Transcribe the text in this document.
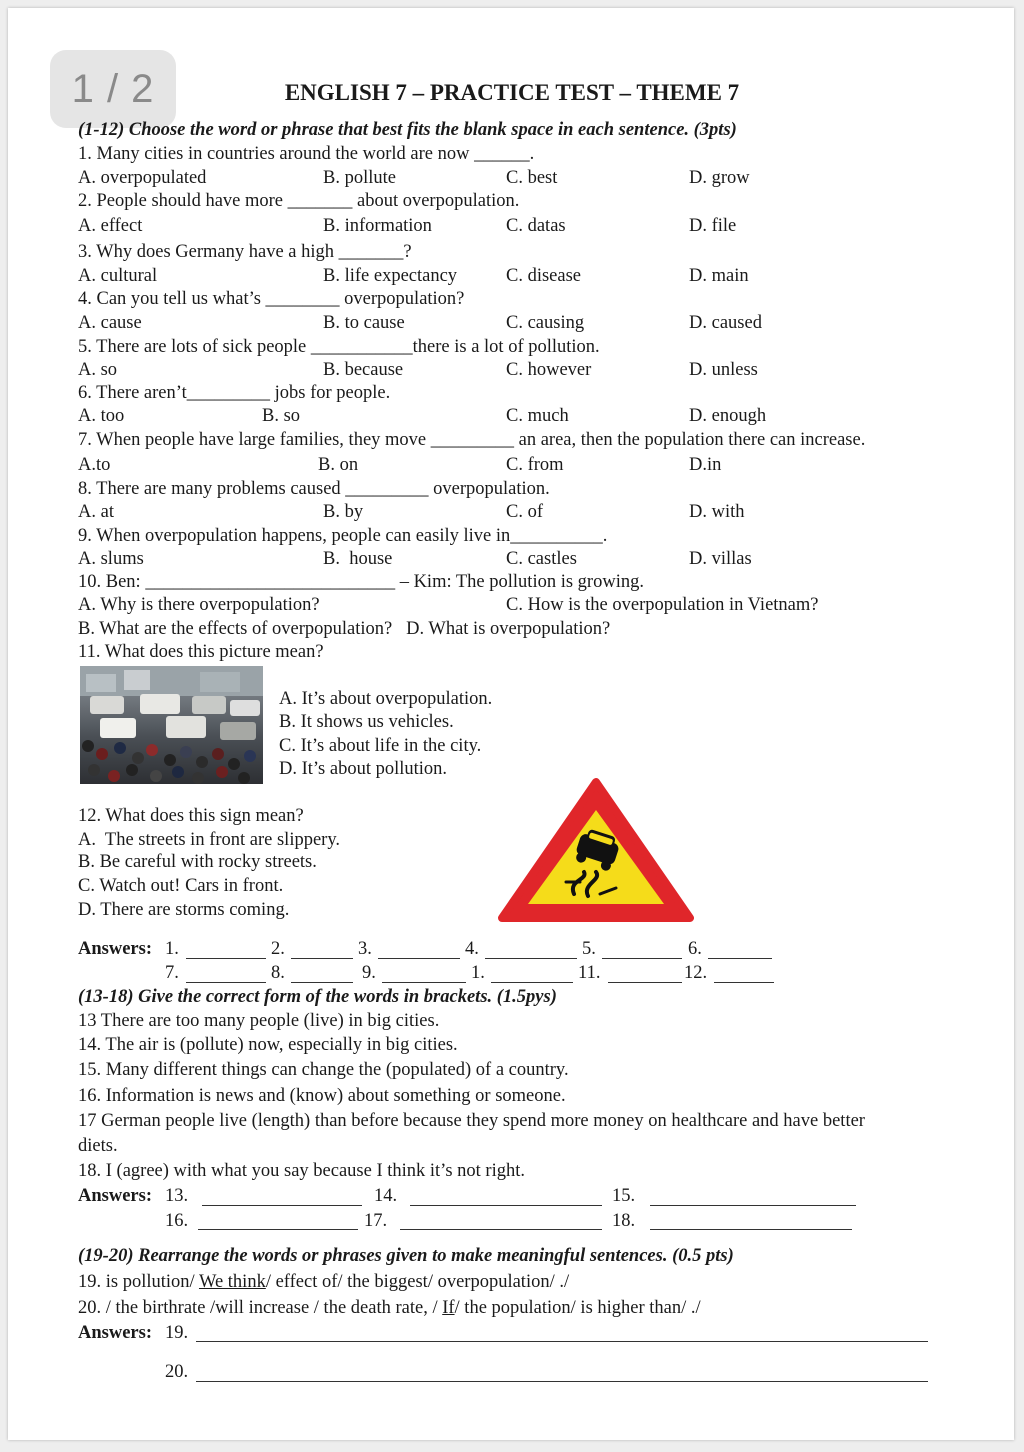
1 / 2	ENGLISH 7 – PRACTICE TEST – THEME 7
(1-12) Choose the word or phrase that best fits the blank space in each sentence. (3pts)
1. Many cities in countries around the world are now ______.
A. overpopulated	B. pollute	C. best	D. grow
2. People should have more _______ about overpopulation.
A. effect	B. information	C. datas	D. file
3. Why does Germany have a high _______?
A. cultural	B. life expectancy	C. disease	D. main
4. Can you tell us what’s ________ overpopulation?
A. cause	B. to cause	C. causing	D. caused
5. There are lots of sick people ___________there is a lot of pollution.
A. so	B. because	C. however	D. unless
6. There aren’t_________ jobs for people.
A. too	B. so	C. much	D. enough
7. When people have large families, they move _________ an area, then the population there can increase.
A.to	B. on	C. from	D.in
8. There are many problems caused _________ overpopulation.
A. at	B. by	C. of	D. with
9. When overpopulation happens, people can easily live in__________.
A. slums	B.  house	C. castles	D. villas
10. Ben: ___________________________ – Kim: The pollution is growing.
A. Why is there overpopulation?	C. How is the overpopulation in Vietnam?
B. What are the effects of overpopulation?   D. What is overpopulation?
11. What does this picture mean?
A. It’s about overpopulation.
B. It shows us vehicles.
C. It’s about life in the city.
D. It’s about pollution.
12. What does this sign mean?
A.  The streets in front are slippery.
B. Be careful with rocky streets.
C. Watch out! Cars in front.
D. There are storms coming.
Answers: 1.	2.	3.	4.	5.	6.
7.	8.	9.	1.	11.	12.
(13-18) Give the correct form of the words in brackets. (1.5pys)
13 There are too many people (live) in big cities.
14. The air is (pollute) now, especially in big cities.
15. Many different things can change the (populated) of a country.
16. Information is news and (know) about something or someone.
17 German people live (length) than before because they spend more money on healthcare and have better
diets.
18. I (agree) with what you say because I think it’s not right.
Answers: 13.	14.	15.
16.	17.	18.
(19-20) Rearrange the words or phrases given to make meaningful sentences. (0.5 pts)
19. is pollution/ We think/ effect of/ the biggest/ overpopulation/ ./
20. / the birthrate /will increase / the death rate, / If/ the population/ is higher than/ ./
Answers: 19.
20.
